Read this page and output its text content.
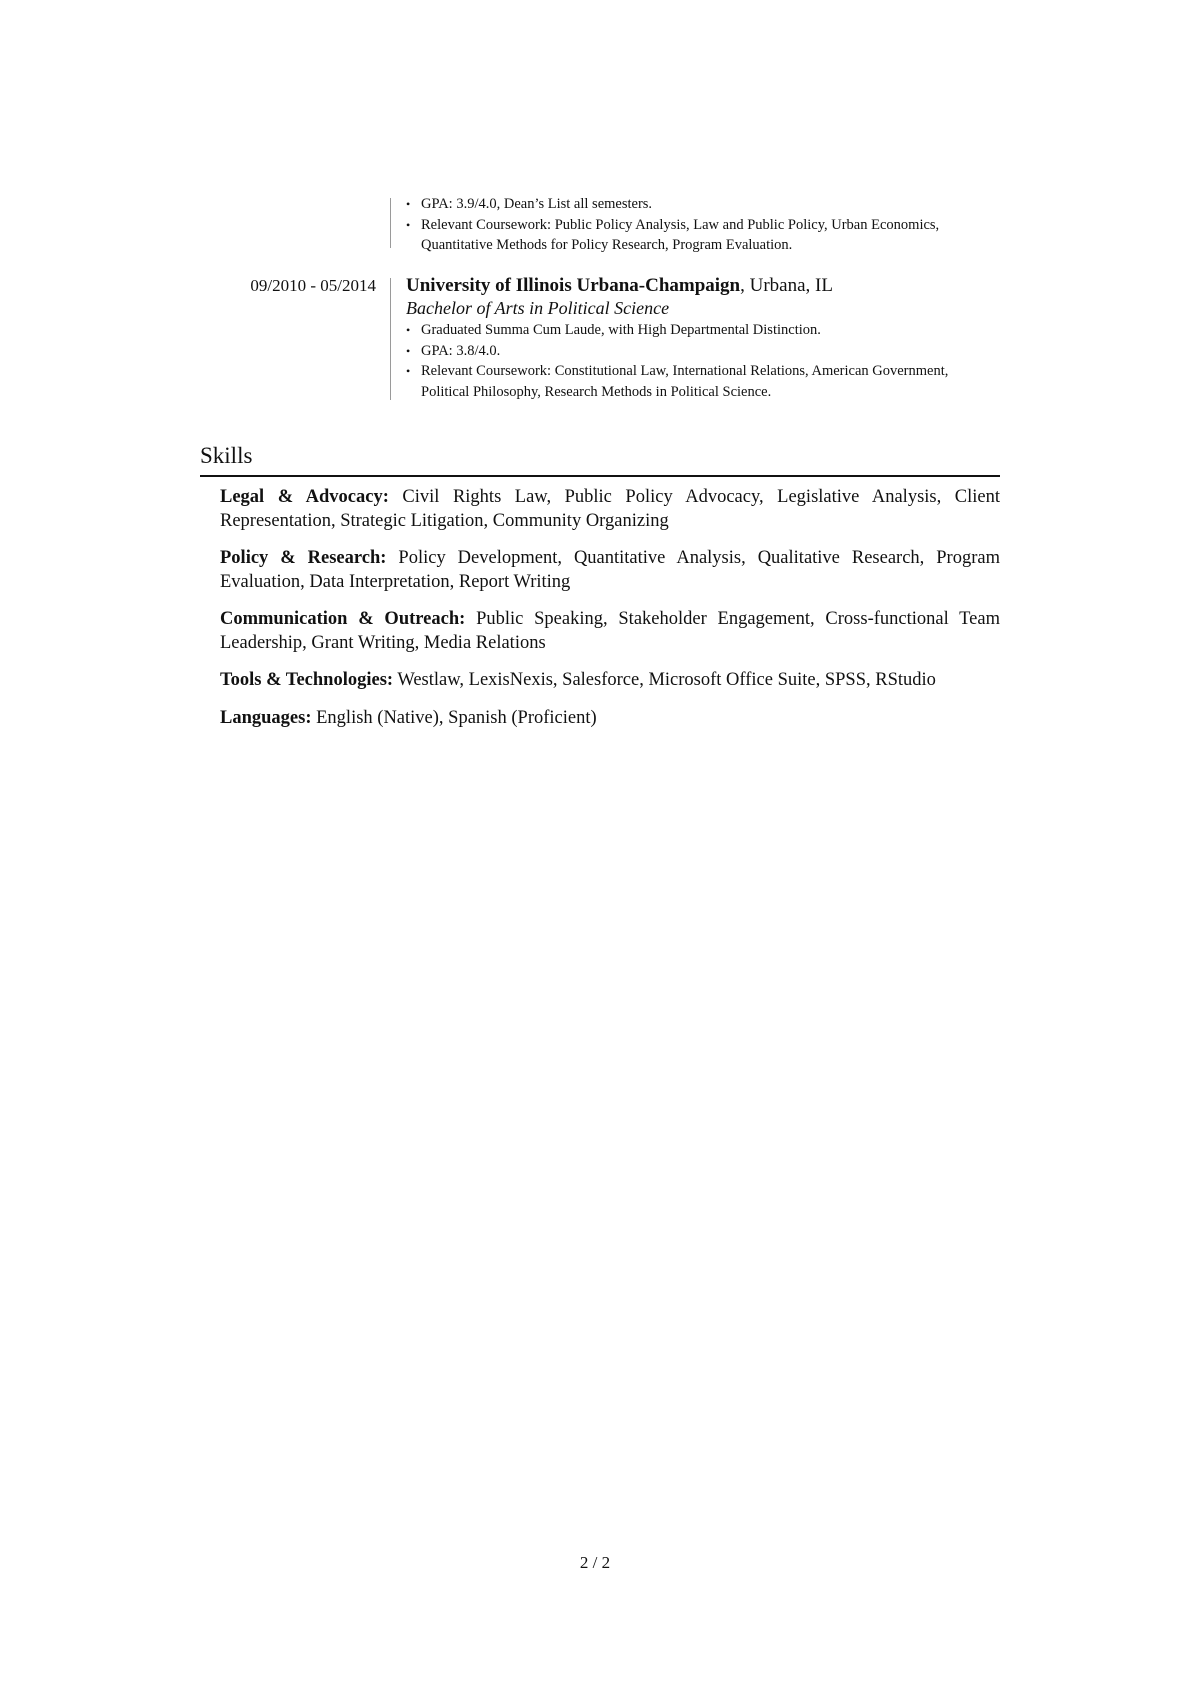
• GPA: 3.9/4.0, Dean’s List all semesters.
• Relevant Coursework: Public Policy Analysis, Law and Public Policy, Urban Economics, Quantitative Methods for Policy Research, Program Evaluation.
09/2010 - 05/2014 University of Illinois Urbana-Champaign, Urbana, IL

Bachelor of Arts in Political Science

• Graduated Summa Cum Laude, with High Departmental Distinction.
• GPA: 3.8/4.0.
• Relevant Coursework: Constitutional Law, International Relations, American Government, Political Philosophy, Research Methods in Political Science.
Skills

Legal & Advocacy: Civil Rights Law, Public Policy Advocacy, Legislative Analysis, Client Representation, Strategic Litigation, Community Organizing

Policy & Research: Policy Development, Quantitative Analysis, Qualitative Research, Program Evaluation, Data Interpretation, Report Writing

Communication & Outreach: Public Speaking, Stakeholder Engagement, Cross-functional Team Leadership, Grant Writing, Media Relations

Tools & Technologies: Westlaw, LexisNexis, Salesforce, Microsoft Office Suite, SPSS, RStudio

Languages: English (Native), Spanish (Proficient)

2 / 2
